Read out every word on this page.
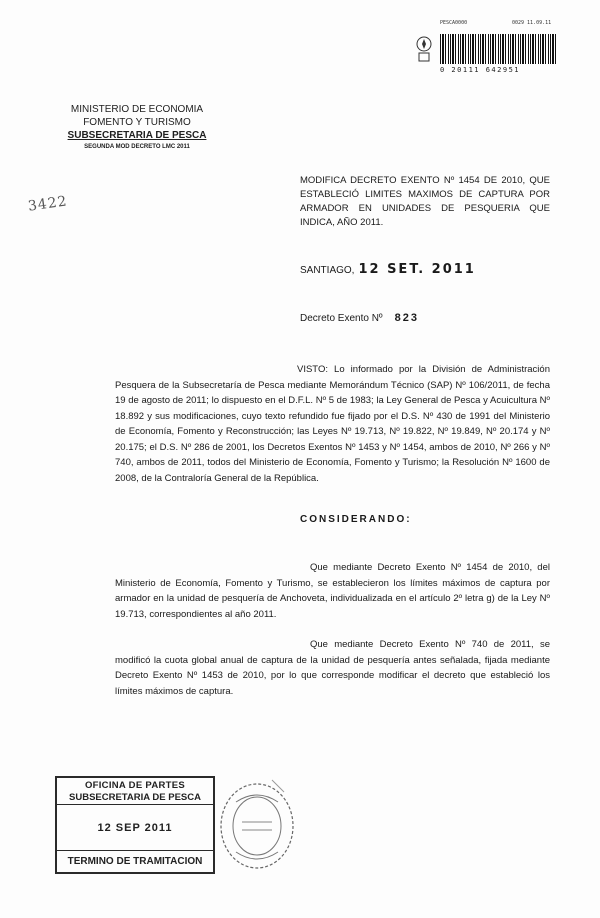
PESCA0000	0029 11.09.11
0 20111 642951
MINISTERIO DE ECONOMIA
FOMENTO Y TURISMO
SUBSECRETARIA DE PESCA
SEGUNDA MOD DECRETO LMC 2011
3422
MODIFICA DECRETO EXENTO Nº 1454 DE 2010, QUE ESTABLECIÓ LIMITES MAXIMOS DE CAPTURA POR ARMADOR EN UNIDADES DE PESQUERIA QUE INDICA, AÑO 2011.
SANTIAGO, 12 SET. 2011
Decreto Exento Nº 823
VISTO: Lo informado por la División de Administración Pesquera de la Subsecretaría de Pesca mediante Memorándum Técnico (SAP) Nº 106/2011, de fecha 19 de agosto de 2011; lo dispuesto en el D.F.L. Nº 5 de 1983; la Ley General de Pesca y Acuicultura Nº 18.892 y sus modificaciones, cuyo texto refundido fue fijado por el D.S. Nº 430 de 1991 del Ministerio de Economía, Fomento y Reconstrucción; las Leyes Nº 19.713, Nº 19.822, Nº 19.849, Nº 20.174 y Nº 20.175; el D.S. Nº 286 de 2001, los Decretos Exentos Nº 1453 y Nº 1454, ambos de 2010, Nº 266 y Nº 740, ambos de 2011, todos del Ministerio de Economía, Fomento y Turismo; la Resolución Nº 1600 de 2008, de la Contraloría General de la República.
CONSIDERANDO:
Que mediante Decreto Exento Nº 1454 de 2010, del Ministerio de Economía, Fomento y Turismo, se establecieron los límites máximos de captura por armador en la unidad de pesquería de Anchoveta, individualizada en el artículo 2º letra g) de la Ley Nº 19.713, correspondientes al año 2011.
Que mediante Decreto Exento Nº 740 de 2011, se modificó la cuota global anual de captura de la unidad de pesquería antes señalada, fijada mediante Decreto Exento Nº 1453 de 2010, por lo que corresponde modificar el decreto que estableció los límites máximos de captura.
OFICINA DE PARTES
SUBSECRETARIA DE PESCA
12 SEP 2011
TERMINO DE TRAMITACION
